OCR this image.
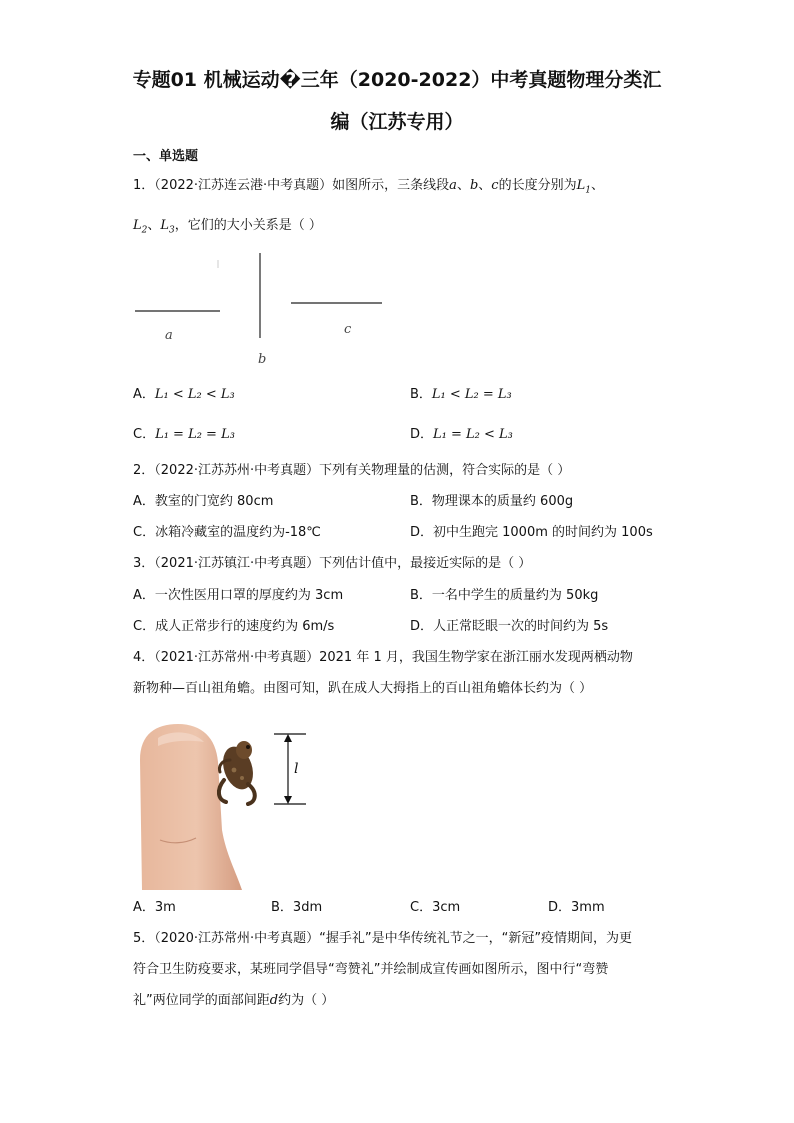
专题01 机械运动�三年（2020-2022）中考真题物理分类汇
编（江苏专用）
一、单选题
1．（2022·江苏连云港·中考真题）如图所示，三条线段a、b、c的长度分别为$L_1$、
$L_2$、$L_3$，它们的大小关系是（ ）
a
b
c
A．L₁ < L₂ < L₃	B．L₁ < L₂ = L₃
C．L₁ = L₂ = L₃	D．L₁ = L₂ < L₃
2．（2022·江苏苏州·中考真题）下列有关物理量的估测，符合实际的是（ ）
A．教室的门宽约 80cm	B．物理课本的质量约 600g
C．冰箱冷藏室的温度约为-18℃	D．初中生跑完 1000m 的时间约为 100s
3．（2021·江苏镇江·中考真题）下列估计值中，最接近实际的是（ ）
A．一次性医用口罩的厚度约为 3cm	B．一名中学生的质量约为 50kg
C．成人正常步行的速度约为 6m/s	D．人正常眨眼一次的时间约为 5s
4．（2021·江苏常州·中考真题）2021 年 1 月，我国生物学家在浙江丽水发现两栖动物
新物种—百山祖角蟾。由图可知，趴在成人大拇指上的百山祖角蟾体长约为（ ）
l
A．3m	B．3dm	C．3cm	D．3mm
5．（2020·江苏常州·中考真题）“握手礼”是中华传统礼节之一，“新冠”疫情期间，为更
符合卫生防疫要求，某班同学倡导“弯赞礼”并绘制成宣传画如图所示，图中行“弯赞
礼”两位同学的面部间距d约为（ ）
